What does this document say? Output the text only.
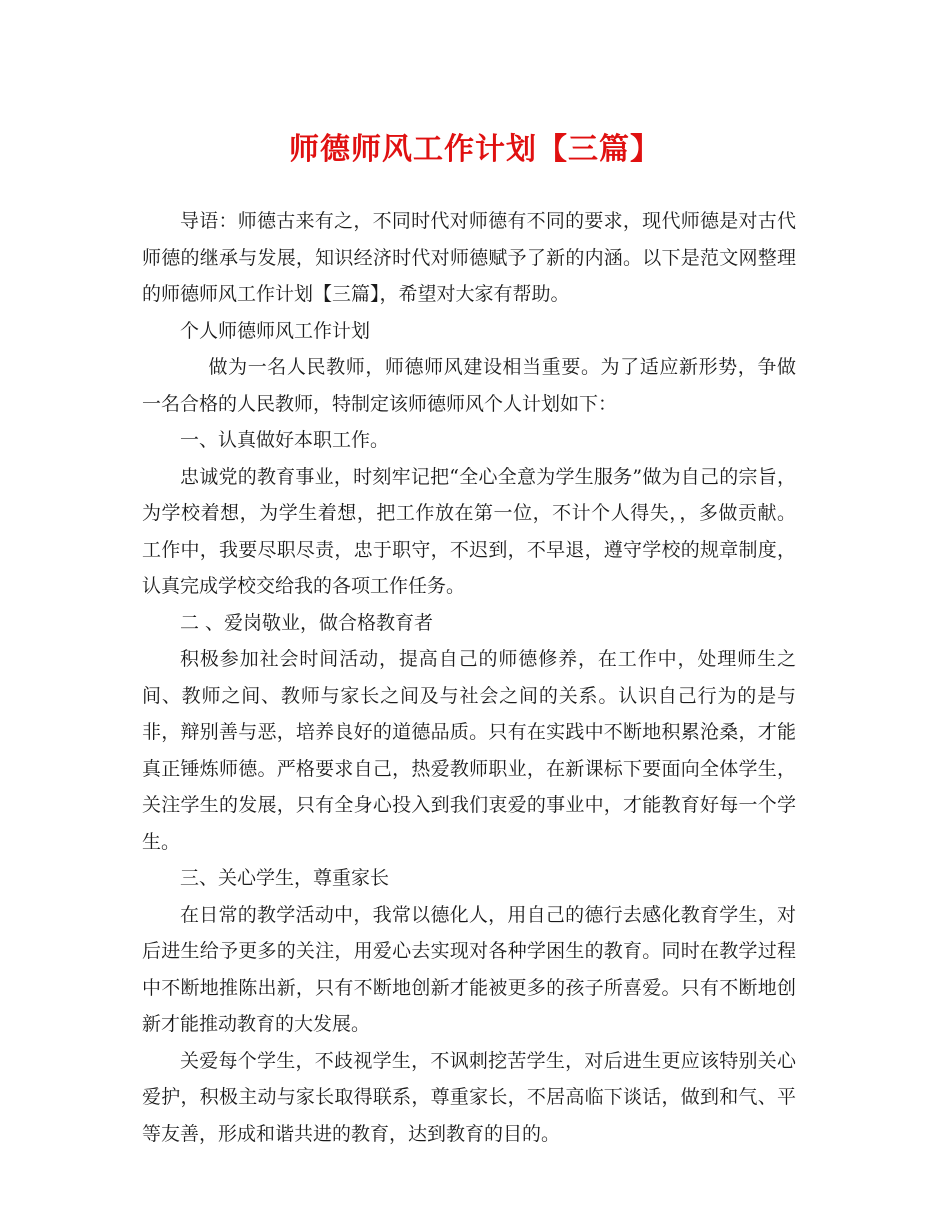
师德师风工作计划【三篇】

导语：师德古来有之，不同时代对师德有不同的要求，现代师德是对古代师德的继承与发展，知识经济时代对师德赋予了新的内涵。以下是范文网整理的师德师风工作计划【三篇】，希望对大家有帮助。

个人师德师风工作计划

做为一名人民教师，师德师风建设相当重要。为了适应新形势，争做一名合格的人民教师，特制定该师德师风个人计划如下：

一、认真做好本职工作。

忠诚党的教育事业，时刻牢记把“全心全意为学生服务”做为自己的宗旨，为学校着想，为学生着想，把工作放在第一位，不计个人得失，，多做贡献。工作中，我要尽职尽责，忠于职守，不迟到，不早退，遵守学校的规章制度，认真完成学校交给我的各项工作任务。

二 、爱岗敬业，做合格教育者

积极参加社会时间活动，提高自己的师德修养，在工作中，处理师生之间、教师之间、教师与家长之间及与社会之间的关系。认识自己行为的是与非，辩别善与恶，培养良好的道德品质。只有在实践中不断地积累沧桑，才能真正锤炼师德。严格要求自己，热爱教师职业，在新课标下要面向全体学生，关注学生的发展，只有全身心投入到我们衷爱的事业中，才能教育好每一个学生。

三、关心学生，尊重家长

在日常的教学活动中，我常以德化人，用自己的德行去感化教育学生，对后进生给予更多的关注，用爱心去实现对各种学困生的教育。同时在教学过程中不断地推陈出新，只有不断地创新才能被更多的孩子所喜爱。只有不断地创新才能推动教育的大发展。

关爱每个学生，不歧视学生，不讽刺挖苦学生，对后进生更应该特别关心爱护，积极主动与家长取得联系，尊重家长，不居高临下谈话，做到和气、平等友善，形成和谐共进的教育，达到教育的目的。
